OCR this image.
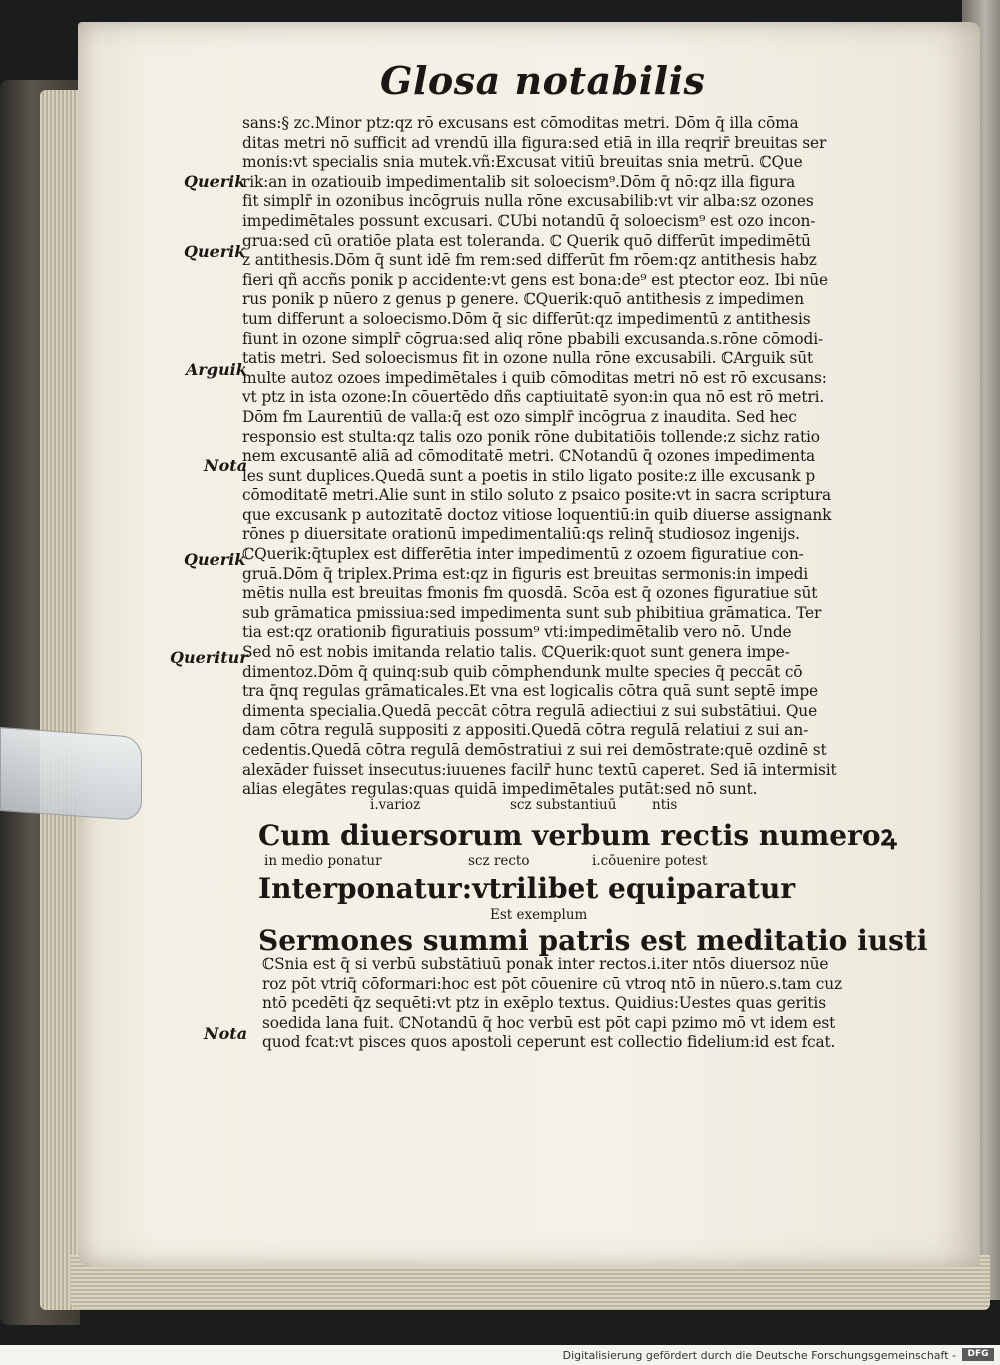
Glosa notabilis
sans:§ zc.Minor ptz:qz rō excusans est cōmoditas metri. Dōm q̄ illa cōma
ditas metri nō sufficit ad vrendū illa figura:sed etiā in illa reqrir̄ breuitas ser
monis:vt specialis snia mutek.vñ:Excusat vitiū breuitas snia metrū. ℂQue
rik:an in ozatiouib̄ impedimentalib̄ sit soloecism⁹.Dōm q̄ nō:qz illa figura
fit simplr̄ in ozonibus incōgruis nulla rōne excusabilib̄:vt vir alba:sz ozones
impedimētales possunt excusari. ℂUbi notandū q̄ soloecism⁹ est ozo incon-
grua:sed cū oratiōe plata est toleranda. ℂ Querik quō differūt impedimētū
z antithesis.Dōm q̄ sunt idē fm rem:sed differūt fm rōem:qz antithesis habz
fieri qñ accñs ponik p accidente:vt gens est bona:de⁹ est ptector eoz. Ibi nūe
rus ponik p nūero z genus p genere. ℂQuerik:quō antithesis z impedimen
tum differunt a soloecismo.Dōm q̄ sic differūt:qz impedimentū z antithesis
fiunt in ozone simplr̄ cōgrua:sed aliq rōne pbabili excusanda.s.rōne cōmodi-
tatis metri. Sed soloecismus fit in ozone nulla rōne excusabili. ℂArguik sūt
multe autoz ozoes impedimētales i quib̄ cōmoditas metri nō est rō excusans:
vt ptz in ista ozone:In cōuertēdo dñs captiuitatē syon:in qua nō est rō metri.
Dōm fm Laurentiū de valla:q̄ est ozo simplr̄ incōgrua z inaudita. Sed hec
responsio est stulta:qz talis ozo ponik rōne dubitatiōis tollende:z sichz ratio
nem excusantē aliā ad cōmoditatē metri. ℂNotandū q̄ ozones impedimenta
les sunt duplices.Quedā sunt a poetis in stilo ligato posite:z ille excusank p
cōmoditatē metri.Alie sunt in stilo soluto z psaico posite:vt in sacra scriptura
que excusank p autozitatē doctoz vitiose loquentiū:in quib̄ diuerse assignank
rōnes p diuersitate orationū impedimentaliū:qs relinq̄ studiosoz ingenijs.
ℂQuerik:q̄tuplex est differētia inter impedimentū z ozoem figuratiue con-
gruā.Dōm q̄ triplex.Prima est:qz in figuris est breuitas sermonis:in impedi
mētis nulla est breuitas fmonis fm quosdā. Scōa est q̄ ozones figuratiue sūt
sub grāmatica pmissiua:sed impedimenta sunt sub phibitiua grāmatica. Ter
tia est:qz orationib̄ figuratiuis possum⁹ vti:impedimētalib̄ vero nō. Unde
Sed nō est nobis imitanda relatio talis. ℂQuerik:quot sunt genera impe-
dimentoz.Dōm q̄ quinq:sub quib̄ cōmphendunk multe species q̄ peccāt cō
tra q̄nq regulas grāmaticales.Et vna est logicalis cōtra quā sunt septē impe
dimenta specialia.Quedā peccāt cōtra regulā adiectiui z sui substātiui. Que
dam cōtra regulā suppositi z appositi.Quedā cōtra regulā relatiui z sui an-
cedentis.Quedā cōtra regulā demōstratiui z sui rei demōstrate:quē ozdinē st
alexāder fuisset insecutus:iuuenes facilr̄ hunc textū caperet. Sed iā intermisit
alias elegātes regulas:quas quidā impedimētales putāt:sed nō sunt.
Querik
Querik
Arguik
Nota
Querik
Queritur
Nota
i.varioz	scz substantiuū	ntis
Cum diuersorum verbum rectis numeroꝝ
in medio ponatur	scz recto	i.cōuenire potest
Interponatur:vtrilibet equiparatur
Est exemplum
Sermones summi patris est meditatio iusti
ℂSnia est q̄ si verbū substātiuū ponak inter rectos.i.iter ntōs diuersoz nūe
roz pōt vtriq̄ cōformari:hoc est pōt cōuenire cū vtroq ntō in nūero.s.tam cuz
ntō pcedēti q̄z sequēti:vt ptz in exēplo textus. Quidius:Uestes quas geritis
soedida lana fuit. ℂNotandū q̄ hoc verbū est pōt capi pzimo mō vt idem est
quod fcat:vt pisces quos apostoli ceperunt est collectio fidelium:id est fcat.
Digitalisierung gefördert durch die Deutsche Forschungsgemeinschaft -	DFG
